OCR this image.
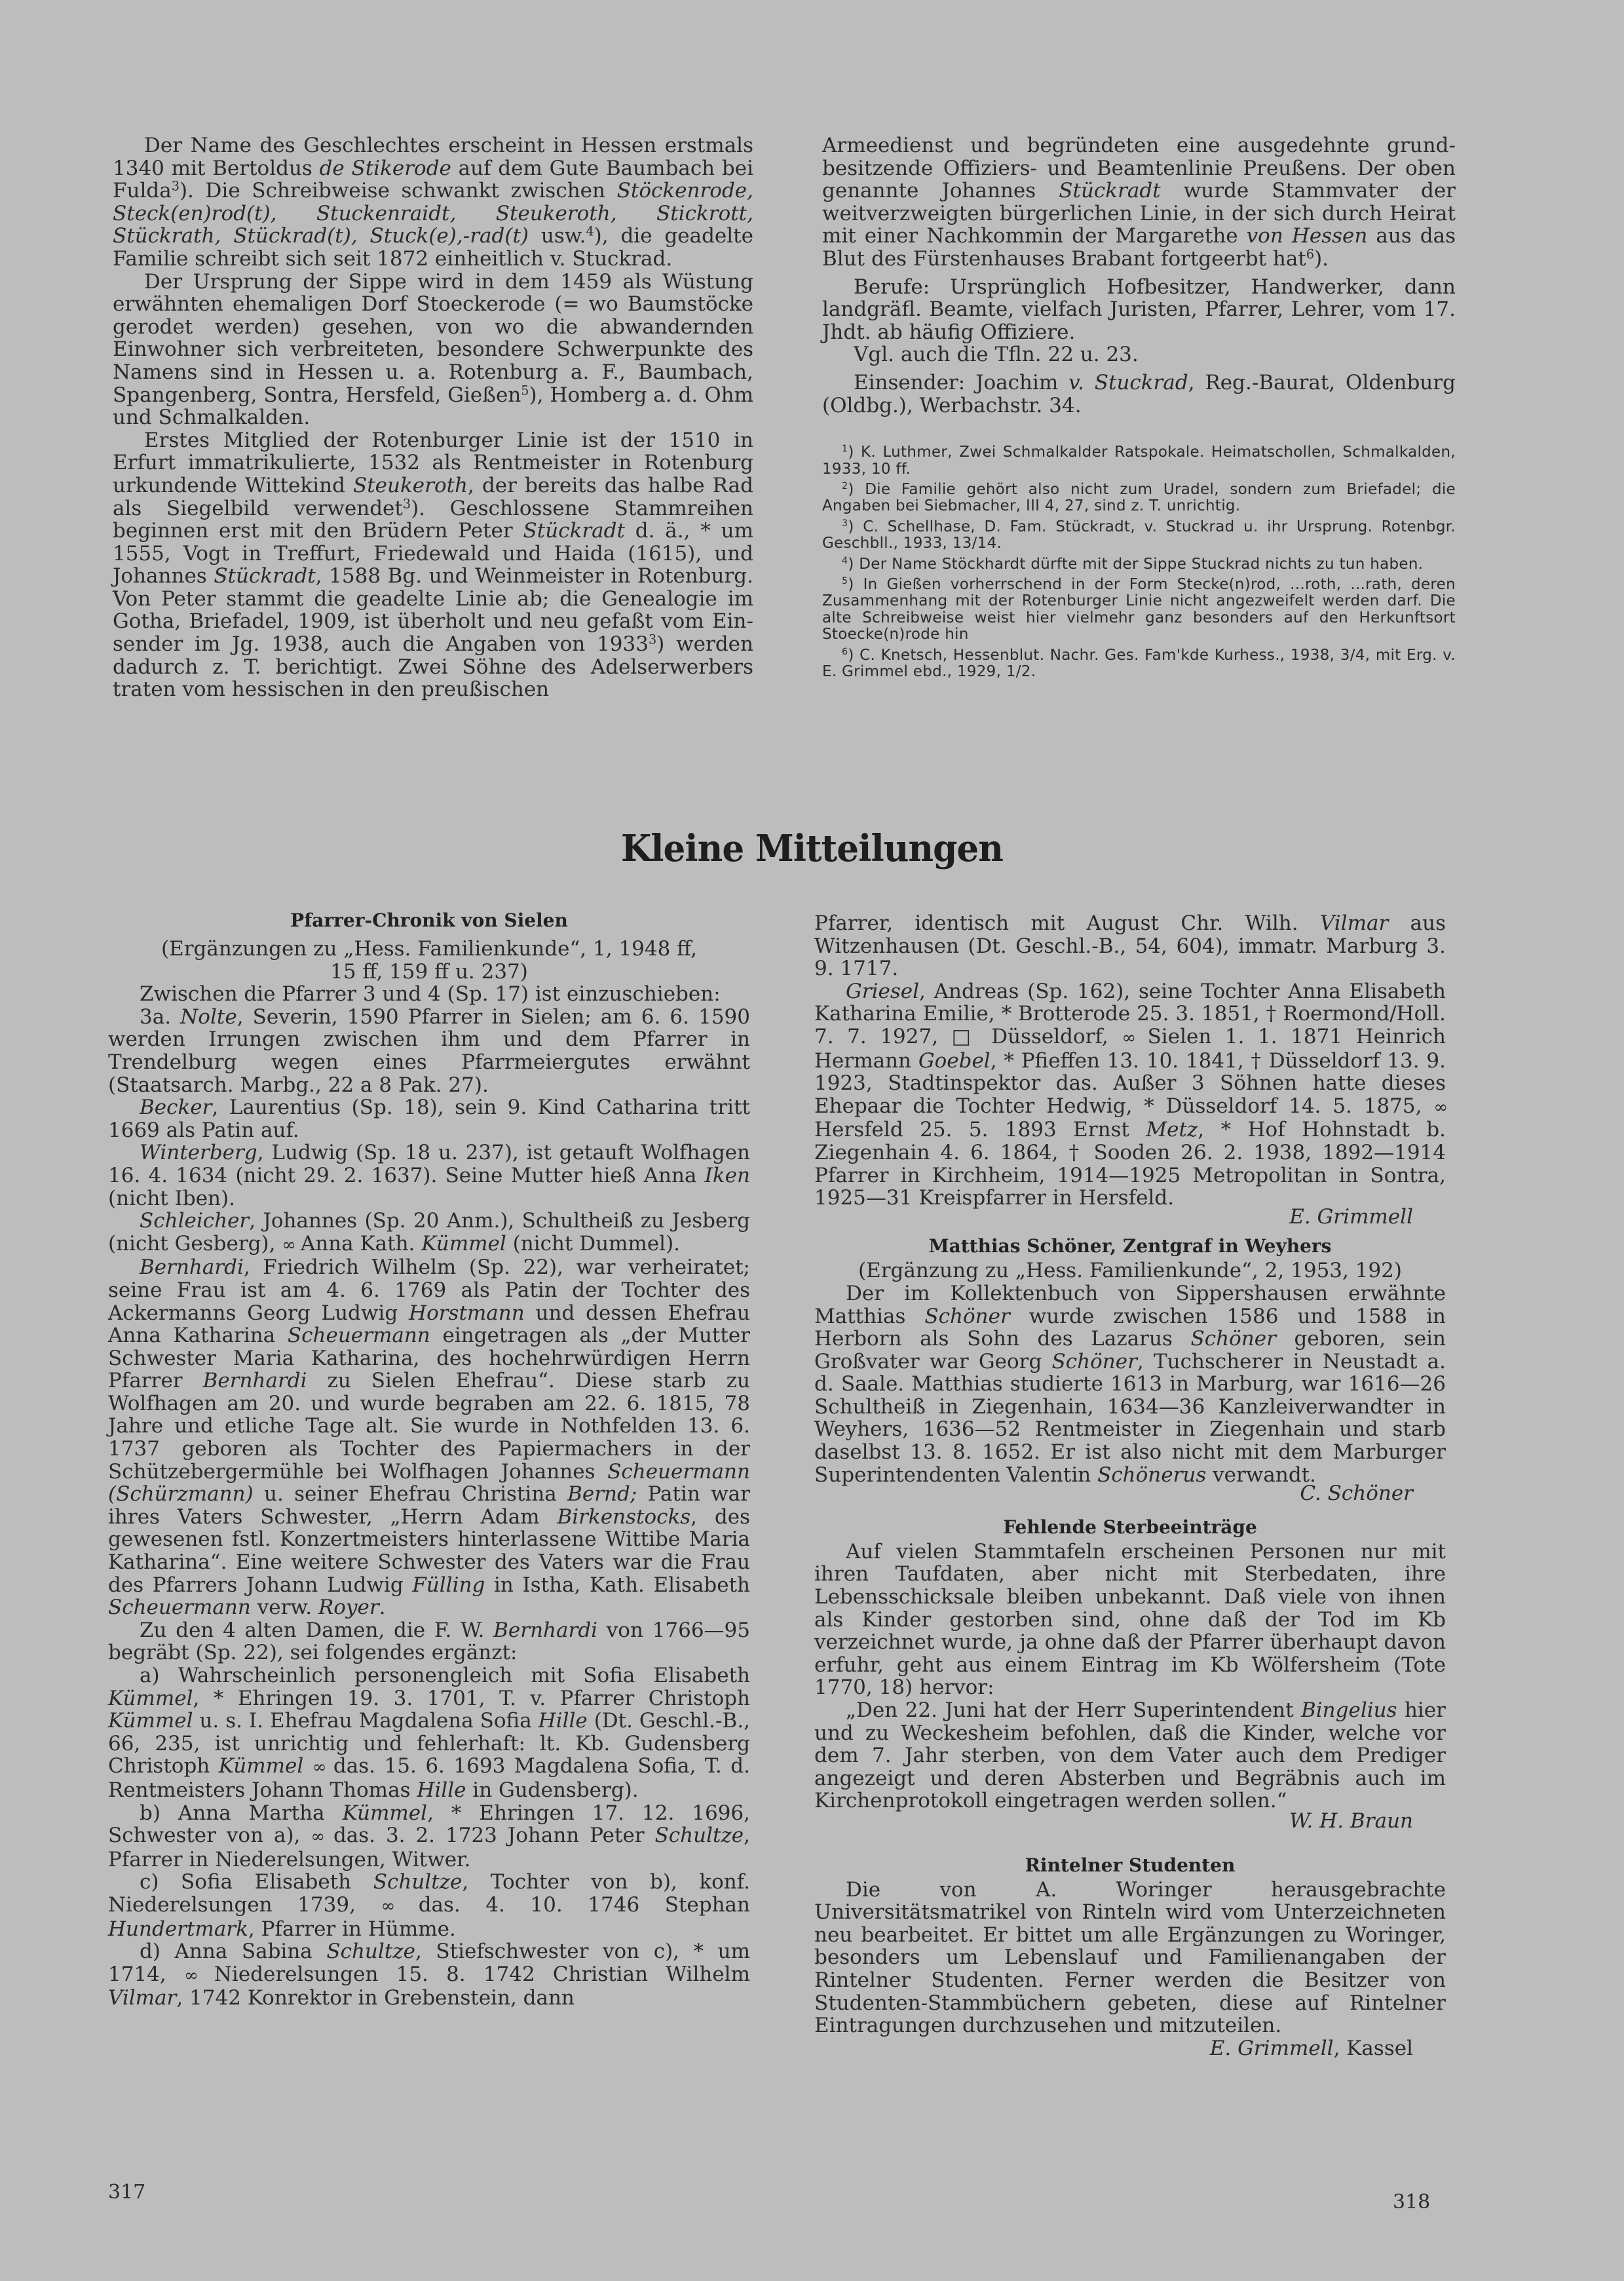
Der Name des Geschlechtes erscheint in Hessen erstmals 1340 mit Bertoldus de Stikerode auf dem Gute Baumbach bei Fulda$^3$). Die Schreibweise schwankt zwischen Stöckenrode, Steck(en)rod(t), Stuckenraidt, Steukeroth, Stickrott, Stückrath, Stückrad(t), Stuck(e),-rad(t) usw.$^4$), die geadelte Familie schreibt sich seit 1872 einheitlich v. Stuckrad.

Der Ursprung der Sippe wird in dem 1459 als Wüstung erwähnten ehemaligen Dorf Stoeckerode (= wo Baumstöcke gerodet werden) gesehen, von wo die abwandernden Einwohner sich verbreiteten, besondere Schwerpunkte des Namens sind in Hessen u. a. Rotenburg a. F., Baumbach, Spangenberg, Sontra, Hersfeld, Gießen$^5$), Homberg a. d. Ohm und Schmalkalden.

Erstes Mitglied der Rotenburger Linie ist der 1510 in Erfurt immatrikulierte, 1532 als Rentmeister in Rotenburg urkundende Wittekind Steukeroth, der bereits das halbe Rad als Siegelbild verwendet$^3$). Geschlossene Stammreihen beginnen erst mit den Brüdern Peter Stückradt d. ä., * um 1555, Vogt in Treffurt, Friedewald und Haida (1615), und Johannes Stückradt, 1588 Bg. und Weinmeister in Rotenburg. Von Peter stammt die geadelte Linie ab; die Genealogie im Gotha, Briefadel, 1909, ist überholt und neu gefaßt vom Einsender im Jg. 1938, auch die Angaben von 1933$^3$) werden dadurch z. T. berichtigt. Zwei Söhne des Adelserwerbers traten vom hessischen in den preußischen

Armeedienst und begründeten eine ausgedehnte grundbesitzende Offiziers- und Beamtenlinie Preußens. Der oben genannte Johannes Stückradt wurde Stammvater der weitverzweigten bürgerlichen Linie, in der sich durch Heirat mit einer Nachkommin der Margarethe von Hessen aus das Blut des Fürstenhauses Brabant fortgeerbt hat$^6$).

Berufe: Ursprünglich Hofbesitzer, Handwerker, dann landgräfl. Beamte, vielfach Juristen, Pfarrer, Lehrer, vom 17. Jhdt. ab häufig Offiziere.

Vgl. auch die Tfln. 22 u. 23.

Einsender: Joachim v. Stuckrad, Reg.-Baurat, Oldenburg (Oldbg.), Werbachstr. 34.

$^1$) K. Luthmer, Zwei Schmalkalder Ratspokale. Heimatschollen, Schmalkalden, 1933, 10 ff.

$^2$) Die Familie gehört also nicht zum Uradel, sondern zum Briefadel; die Angaben bei Siebmacher, III 4, 27, sind z. T. unrichtig.

$^3$) C. Schellhase, D. Fam. Stückradt, v. Stuckrad u. ihr Ursprung. Rotenbgr. Geschbll., 1933, 13/14.

$^4$) Der Name Stöckhardt dürfte mit der Sippe Stuckrad nichts zu tun haben.

$^5$) In Gießen vorherrschend in der Form Stecke(n)rod, ...roth, ...rath, deren Zusammenhang mit der Rotenburger Linie nicht angezweifelt werden darf. Die alte Schreibweise weist hier vielmehr ganz besonders auf den Herkunftsort Stoecke(n)rode hin

$^6$) C. Knetsch, Hessenblut. Nachr. Ges. Fam'kde Kurhess., 1938, 3/4, mit Erg. v. E. Grimmel ebd., 1929, 1/2.

Kleine Mitteilungen
Pfarrer-Chronik von Sielen

(Ergänzungen zu „Hess. Familienkunde“, 1, 1948 ff,
15 ff, 159 ff u. 237)

Zwischen die Pfarrer 3 und 4 (Sp. 17) ist einzuschieben:

3a. Nolte, Severin, 1590 Pfarrer in Sielen; am 6. 6. 1590 werden Irrungen zwischen ihm und dem Pfarrer in Trendelburg wegen eines Pfarrmeiergutes erwähnt (Staatsarch. Marbg., 22 a 8 Pak. 27).

Becker, Laurentius (Sp. 18), sein 9. Kind Catharina tritt 1669 als Patin auf.

Winterberg, Ludwig (Sp. 18 u. 237), ist getauft Wolfhagen 16. 4. 1634 (nicht 29. 2. 1637). Seine Mutter hieß Anna Iken (nicht Iben).

Schleicher, Johannes (Sp. 20 Anm.), Schultheiß zu Jesberg (nicht Gesberg), ∞ Anna Kath. Kümmel (nicht Dummel).

Bernhardi, Friedrich Wilhelm (Sp. 22), war verheiratet; seine Frau ist am 4. 6. 1769 als Patin der Tochter des Ackermanns Georg Ludwig Horstmann und dessen Ehefrau Anna Katharina Scheuermann eingetragen als „der Mutter Schwester Maria Katharina, des hochehrwürdigen Herrn Pfarrer Bernhardi zu Sielen Ehefrau“. Diese starb zu Wolfhagen am 20. und wurde begraben am 22. 6. 1815, 78 Jahre und etliche Tage alt. Sie wurde in Nothfelden 13. 6. 1737 geboren als Tochter des Papiermachers in der Schützebergermühle bei Wolfhagen Johannes Scheuermann (Schürzmann) u. seiner Ehefrau Christina Bernd; Patin war ihres Vaters Schwester, „Herrn Adam Birkenstocks, des gewesenen fstl. Konzertmeisters hinterlassene Wittibe Maria Katharina“. Eine weitere Schwester des Vaters war die Frau des Pfarrers Johann Ludwig Fülling in Istha, Kath. Elisabeth Scheuermann verw. Royer.

Zu den 4 alten Damen, die F. W. Bernhardi von 1766—95 begräbt (Sp. 22), sei folgendes ergänzt:

a) Wahrscheinlich personengleich mit Sofia Elisabeth Kümmel, * Ehringen 19. 3. 1701, T. v. Pfarrer Christoph Kümmel u. s. I. Ehefrau Magdalena Sofia Hille (Dt. Geschl.-B., 66, 235, ist unrichtig und fehlerhaft: lt. Kb. Gudensberg Christoph Kümmel ∞ das. 15. 6. 1693 Magdalena Sofia, T. d. Rentmeisters Johann Thomas Hille in Gudensberg).

b) Anna Martha Kümmel, * Ehringen 17. 12. 1696, Schwester von a), ∞ das. 3. 2. 1723 Johann Peter Schultze, Pfarrer in Niederelsungen, Witwer.

c) Sofia Elisabeth Schultze, Tochter von b), konf. Niederelsungen 1739, ∞ das. 4. 10. 1746 Stephan Hundertmark, Pfarrer in Hümme.

d) Anna Sabina Schultze, Stiefschwester von c), * um 1714, ∞ Niederelsungen 15. 8. 1742 Christian Wilhelm Vilmar, 1742 Konrektor in Grebenstein, dann

Pfarrer, identisch mit August Chr. Wilh. Vilmar aus Witzenhausen (Dt. Geschl.-B., 54, 604), immatr. Marburg 3. 9. 1717.

Griesel, Andreas (Sp. 162), seine Tochter Anna Elisabeth Katharina Emilie, * Brotterode 25. 3. 1851, † Roermond/Holl. 7. 7. 1927, □ Düsseldorf, ∞ Sielen 1. 1. 1871 Heinrich Hermann Goebel, * Pfieffen 13. 10. 1841, † Düsseldorf 13. 9. 1923, Stadtinspektor das. Außer 3 Söhnen hatte dieses Ehepaar die Tochter Hedwig, * Düsseldorf 14. 5. 1875, ∞ Hersfeld 25. 5. 1893 Ernst Metz, * Hof Hohnstadt b. Ziegenhain 4. 6. 1864, † Sooden 26. 2. 1938, 1892—1914 Pfarrer in Kirchheim, 1914—1925 Metropolitan in Sontra, 1925—31 Kreispfarrer in Hersfeld.

E. Grimmell

Matthias Schöner, Zentgraf in Weyhers

(Ergänzung zu „Hess. Familienkunde“, 2, 1953, 192)

Der im Kollektenbuch von Sippershausen erwähnte Matthias Schöner wurde zwischen 1586 und 1588 in Herborn als Sohn des Lazarus Schöner geboren, sein Großvater war Georg Schöner, Tuchscherer in Neustadt a. d. Saale. Matthias studierte 1613 in Marburg, war 1616—26 Schultheiß in Ziegenhain, 1634—36 Kanzleiverwandter in Weyhers, 1636—52 Rentmeister in Ziegenhain und starb daselbst 13. 8. 1652. Er ist also nicht mit dem Marburger Superintendenten Valentin Schönerus verwandt.

C. Schöner

Fehlende Sterbeeinträge

Auf vielen Stammtafeln erscheinen Personen nur mit ihren Taufdaten, aber nicht mit Sterbedaten, ihre Lebensschicksale bleiben unbekannt. Daß viele von ihnen als Kinder gestorben sind, ohne daß der Tod im Kb verzeichnet wurde, ja ohne daß der Pfarrer überhaupt davon erfuhr, geht aus einem Eintrag im Kb Wölfersheim (Tote 1770, 18) hervor:

„Den 22. Juni hat der Herr Superintendent Bingelius hier und zu Weckesheim befohlen, daß die Kinder, welche vor dem 7. Jahr sterben, von dem Vater auch dem Prediger angezeigt und deren Absterben und Begräbnis auch im Kirchenprotokoll eingetragen werden sollen.“

W. H. Braun

Rintelner Studenten

Die von A. Woringer herausgebrachte Universitätsmatrikel von Rinteln wird vom Unterzeichneten neu bearbeitet. Er bittet um alle Ergänzungen zu Woringer, besonders um Lebenslauf und Familienangaben der Rintelner Studenten. Ferner werden die Besitzer von Studenten-Stammbüchern gebeten, diese auf Rintelner Eintragungen durchzusehen und mitzuteilen.

E. Grimmell, Kassel

317	318
